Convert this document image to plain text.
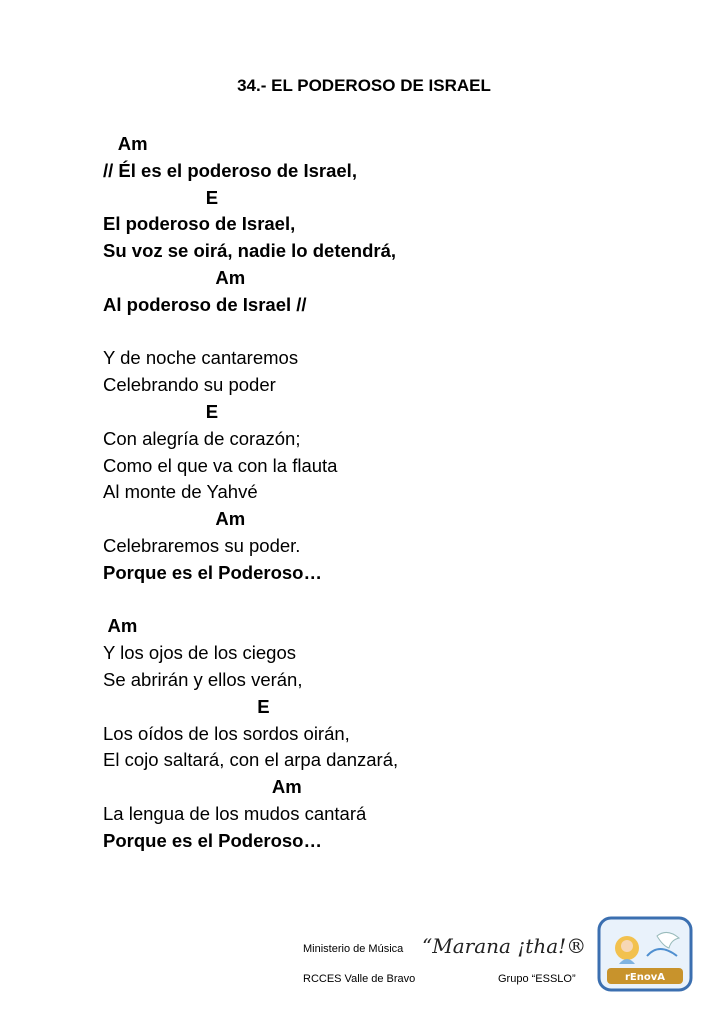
34.- EL PODEROSO DE ISRAEL
Am
// Él es el poderoso de Israel,
E
El poderoso de Israel,
Su voz se oirá, nadie lo detendrá,
Am
Al poderoso de Israel //
Y de noche cantaremos
Celebrando su poder
E
Con alegría de corazón;
Como el que va con la flauta
Al monte de Yahvé
Am
Celebraremos su poder.
Porque es el Poderoso…
Am
Y los ojos de los ciegos
Se abrirán y ellos verán,
E
Los oídos de los sordos oirán,
El cojo saltará, con el arpa danzará,
Am
La lengua de los mudos cantará
Porque es el Poderoso…
Ministerio de Música “Marana ¡tha!®
RCCES Valle de Bravo	Grupo “ESSLO”	rEnovA
